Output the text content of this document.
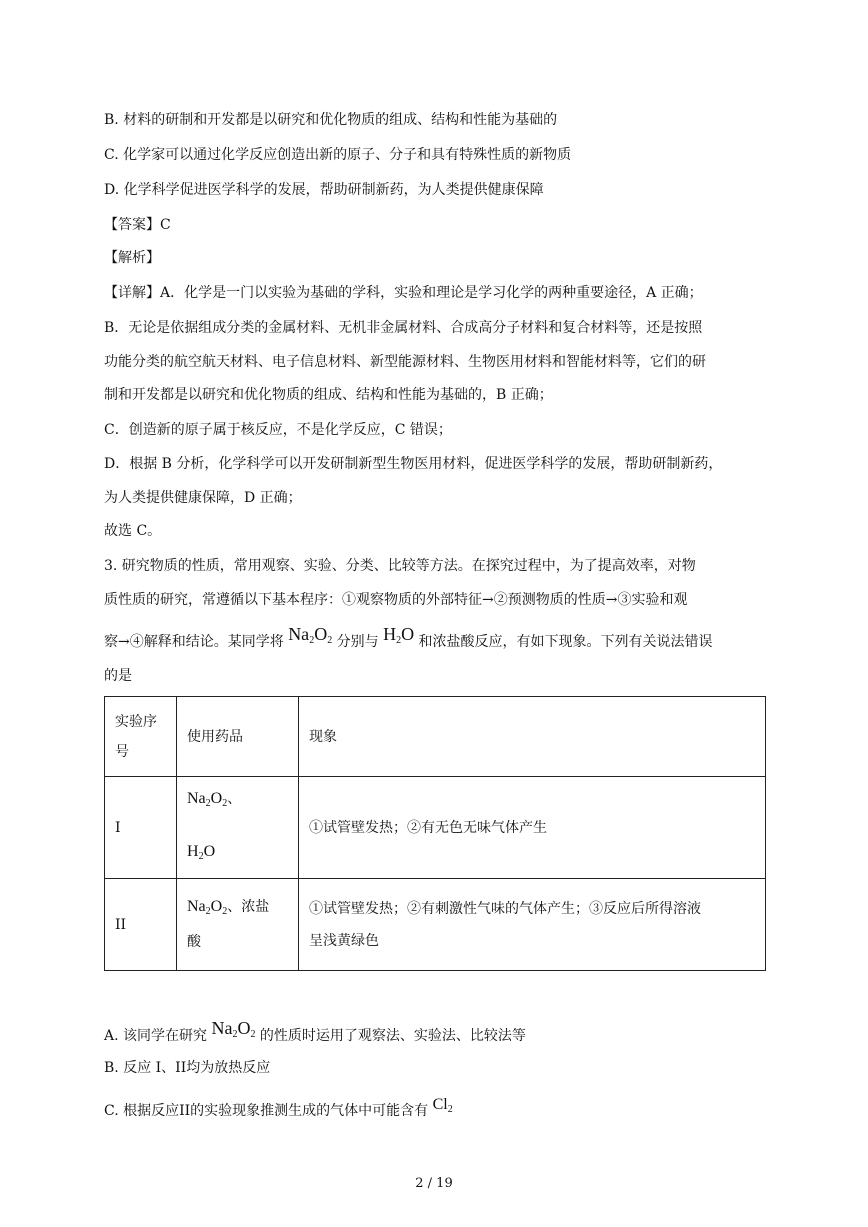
B. 材料的研制和开发都是以研究和优化物质的组成、结构和性能为基础的
C. 化学家可以通过化学反应创造出新的原子、分子和具有特殊性质的新物质
D. 化学科学促进医学科学的发展，帮助研制新药，为人类提供健康保障
【答案】C
【解析】
【详解】A．化学是一门以实验为基础的学科，实验和理论是学习化学的两种重要途径，A 正确；
B．无论是依据组成分类的金属材料、无机非金属材料、合成高分子材料和复合材料等，还是按照
功能分类的航空航天材料、电子信息材料、新型能源材料、生物医用材料和智能材料等，它们的研
制和开发都是以研究和优化物质的组成、结构和性能为基础的，B 正确；
C．创造新的原子属于核反应，不是化学反应，C 错误；
D．根据 B 分析，化学科学可以开发研制新型生物医用材料，促进医学科学的发展，帮助研制新药，
为人类提供健康保障，D 正确；
故选 C。
3. 研究物质的性质，常用观察、实验、分类、比较等方法。在探究过程中，为了提高效率，对物
质性质的研究，常遵循以下基本程序：①观察物质的外部特征→②预测物质的性质→③实验和观
察→④解释和结论。某同学将 $Na_2O_2$ 分别与 $H_2O$ 和浓盐酸反应，有如下现象。下列有关说法错误
的是
实验序
号	使用药品	现象
I	$Na_2O_2$、

$H_2O$	①试管壁发热；②有无色无味气体产生
II	$Na_2O_2$、浓盐
酸	①试管壁发热；②有刺激性气味的气体产生；③反应后所得溶液
呈浅黄绿色
A. 该同学在研究 $Na_2O_2$ 的性质时运用了观察法、实验法、比较法等
B. 反应 I、II均为放热反应
C. 根据反应II的实验现象推测生成的气体中可能含有 $Cl_2$
2 / 19
